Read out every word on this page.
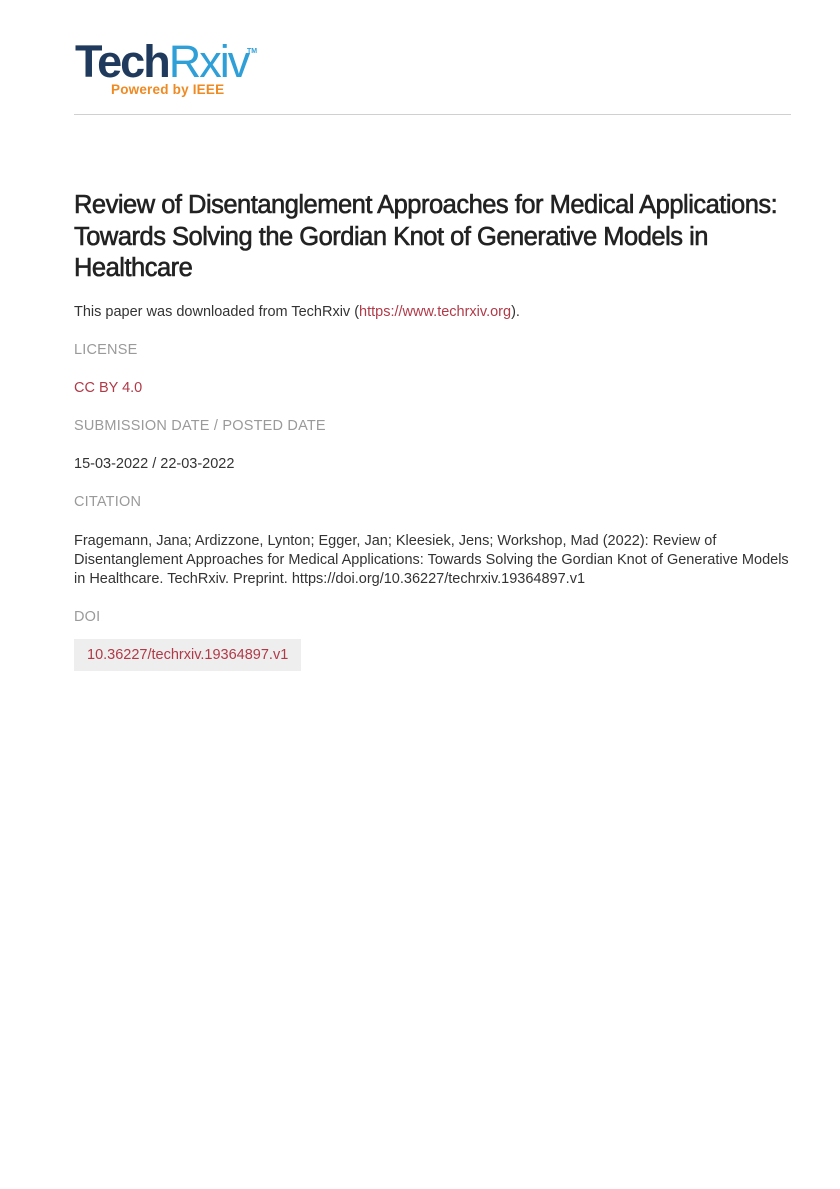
TechRxiv
TM
Powered by IEEE
Review of Disentanglement Approaches for Medical Applications: Towards Solving the Gordian Knot of Generative Models in Healthcare
This paper was downloaded from TechRxiv (https://www.techrxiv.org).
LICENSE
CC BY 4.0
SUBMISSION DATE / POSTED DATE
15-03-2022 / 22-03-2022
CITATION
Fragemann, Jana; Ardizzone, Lynton; Egger, Jan; Kleesiek, Jens; Workshop, Mad (2022): Review of Disentanglement Approaches for Medical Applications: Towards Solving the Gordian Knot of Generative Models in Healthcare. TechRxiv. Preprint. https://doi.org/10.36227/techrxiv.19364897.v1
DOI
10.36227/techrxiv.19364897.v1
